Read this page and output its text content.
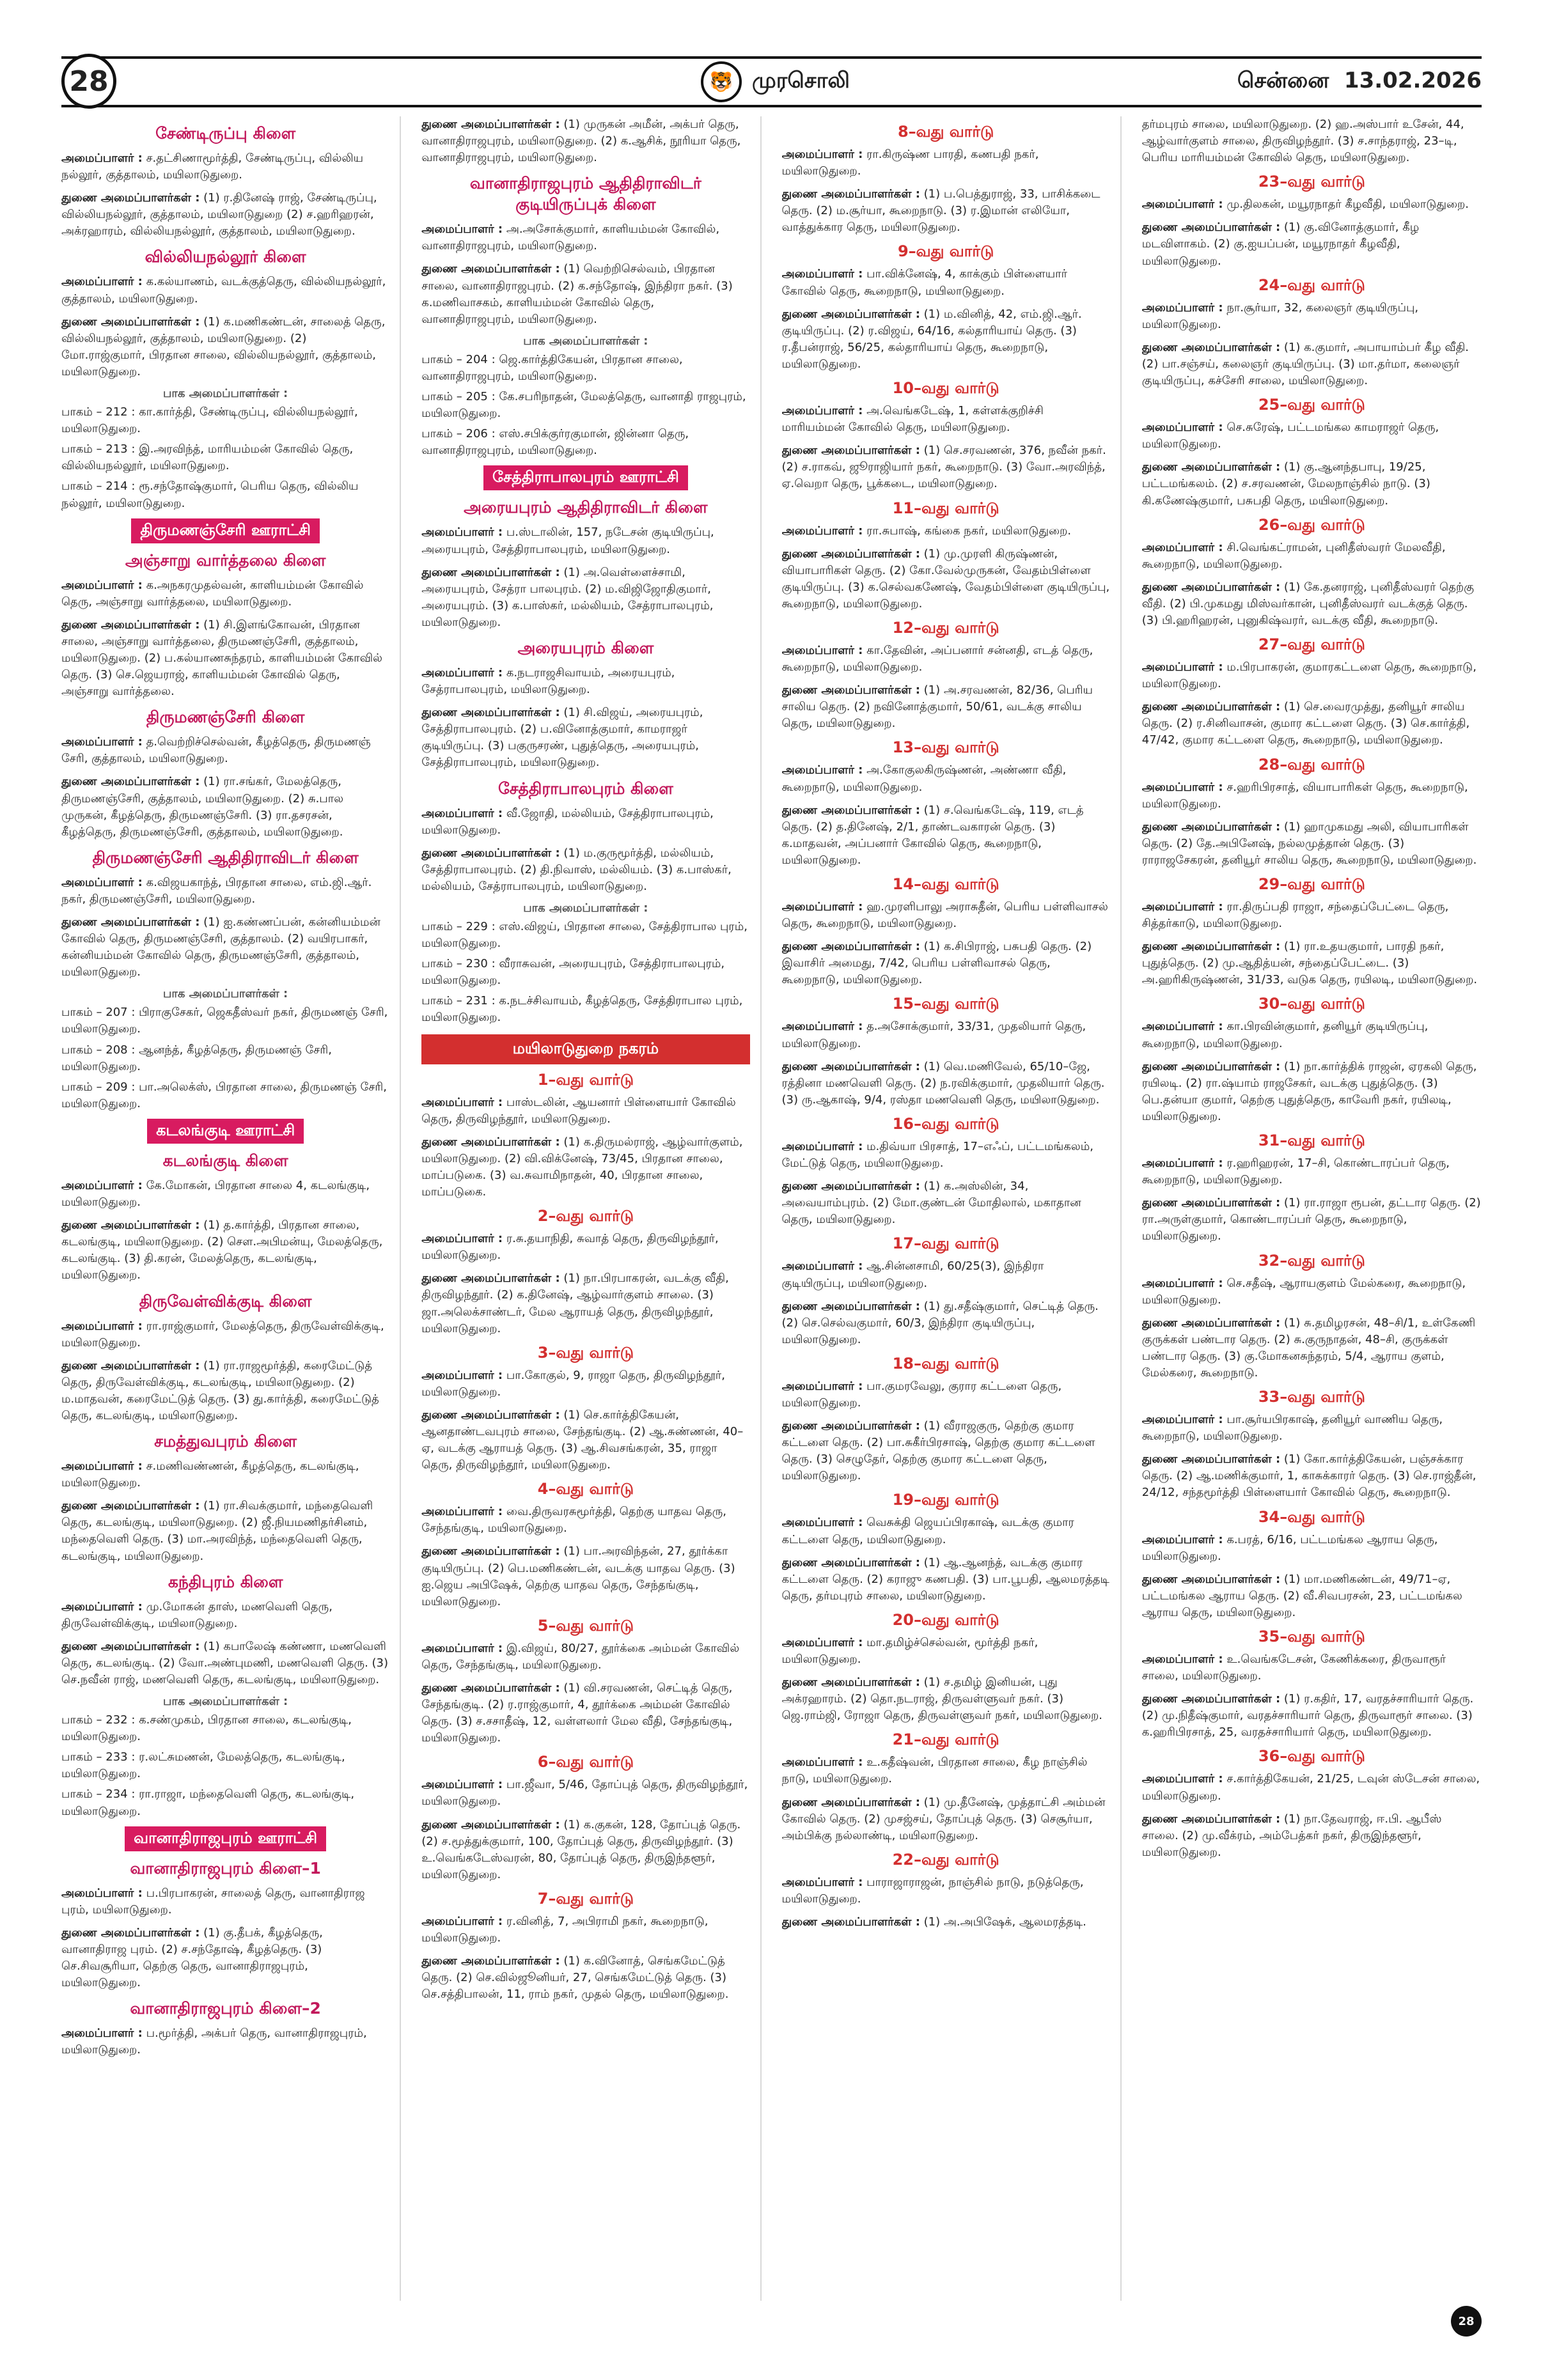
28	🐯 முரசொலி	சென்னை 13.02.2026
சேண்டிருப்பு கிளை
அமைப்பாளர் : ச.தட்சிணாமூர்த்தி, சேண்டிருப்பு, வில்லிய நல்லூர், குத்தாலம், மயிலாடுதுறை.
துணை அமைப்பாளர்கள் : (1) ர.தினேஷ் ராஜ், சேண்டிருப்பு, வில்லியநல்லூர், குத்தாலம், மயிலாடுதுறை (2) ச.ஹரிஹரன், அக்ரஹாரம், வில்லியநல்லூர், குத்தாலம், மயிலாடுதுறை.
வில்லியநல்லூர் கிளை
அமைப்பாளர் : க.கல்யாணம், வடக்குத்தெரு, வில்லியநல்லூர், குத்தாலம், மயிலாடுதுறை.
துணை அமைப்பாளர்கள் : (1) க.மணிகண்டன், சாலைத் தெரு, வில்லியநல்லூர், குத்தாலம், மயிலாடுதுறை. (2) மோ.ராஜ்குமார், பிரதான சாலை, வில்லியநல்லூர், குத்தாலம், மயிலாடுதுறை.
பாக அமைப்பாளர்கள் :
பாகம் – 212 : கா.கார்த்தி, சேண்டிருப்பு, வில்லியநல்லூர், மயிலாடுதுறை.
பாகம் – 213 : இ.அரவிந்த், மாரியம்மன் கோவில் தெரு, வில்லியநல்லூர், மயிலாடுதுறை.
பாகம் – 214 : ரூ.சந்தோஷ்குமார், பெரிய தெரு, வில்லிய நல்லூர், மயிலாடுதுறை.
திருமணஞ்சேரி ஊராட்சி
அஞ்சாறு வார்த்தலை கிளை
அமைப்பாளர் : க.அநகரமுதல்வன், காளியம்மன் கோவில் தெரு, அஞ்சாறு வார்த்தலை, மயிலாடுதுறை.
துணை அமைப்பாளர்கள் : (1) சி.இளங்கோவன், பிரதான சாலை, அஞ்சாறு வார்த்தலை, திருமணஞ்சேரி, குத்தாலம், மயிலாடுதுறை. (2) ப.கல்யாணசுந்தரம், காளியம்மன் கோவில் தெரு. (3) செ.ஜெயராஜ், காளியம்மன் கோவில் தெரு, அஞ்சாறு வார்த்தலை.
திருமணஞ்சேரி கிளை
அமைப்பாளர் : த.வெற்றிச்செல்வன், கீழத்தெரு, திருமணஞ் சேரி, குத்தாலம், மயிலாடுதுறை.
துணை அமைப்பாளர்கள் : (1) ரா.சங்கர், மேலத்தெரு, திருமணஞ்சேரி, குத்தாலம், மயிலாடுதுறை. (2) சு.பால முருகன், கீழத்தெரு, திருமணஞ்சேரி. (3) ரா.தசரசன், கீழத்தெரு, திருமணஞ்சேரி, குத்தாலம், மயிலாடுதுறை.
திருமணஞ்சேரி ஆதிதிராவிடர் கிளை
அமைப்பாளர் : க.விஜயகாந்த், பிரதான சாலை, எம்.ஜி.ஆர். நகர், திருமணஞ்சேரி, மயிலாடுதுறை.
துணை அமைப்பாளர்கள் : (1) ஐ.கண்ணப்பன், கன்னியம்மன் கோவில் தெரு, திருமணஞ்சேரி, குத்தாலம். (2) வயிரபாகர், கன்னியம்மன் கோவில் தெரு, திருமணஞ்சேரி, குத்தாலம், மயிலாடுதுறை.
பாக அமைப்பாளர்கள் :
பாகம் – 207 : பிராகுசேகர், ஜெகதீஸ்வர் நகர், திருமணஞ் சேரி, மயிலாடுதுறை.
பாகம் – 208 : ஆனந்த், கீழத்தெரு, திருமணஞ் சேரி, மயிலாடுதுறை.
பாகம் – 209 : பா.அலெக்ஸ், பிரதான சாலை, திருமணஞ் சேரி, மயிலாடுதுறை.
கடலங்குடி ஊராட்சி
கடலங்குடி கிளை
அமைப்பாளர் : கே.மோகன், பிரதான சாலை 4, கடலங்குடி, மயிலாடுதுறை.
துணை அமைப்பாளர்கள் : (1) த.கார்த்தி, பிரதான சாலை, கடலங்குடி, மயிலாடுதுறை. (2) சௌ.அபிமன்யு, மேலத்தெரு, கடலங்குடி. (3) தி.கரன், மேலத்தெரு, கடலங்குடி, மயிலாடுதுறை.
திருவேள்விக்குடி கிளை
அமைப்பாளர் : ரா.ராஜ்குமார், மேலத்தெரு, திருவேள்விக்குடி, மயிலாடுதுறை.
துணை அமைப்பாளர்கள் : (1) ரா.ராஜமூர்த்தி, கரைமேட்டுத் தெரு, திருவேள்விக்குடி, கடலங்குடி, மயிலாடுதுறை. (2) ம.மாதவன், கரைமேட்டுத் தெரு. (3) து.கார்த்தி, கரைமேட்டுத் தெரு, கடலங்குடி, மயிலாடுதுறை.
சமத்துவபுரம் கிளை
அமைப்பாளர் : ச.மணிவண்ணன், கீழத்தெரு, கடலங்குடி, மயிலாடுதுறை.
துணை அமைப்பாளர்கள் : (1) ரா.சிவக்குமார், மந்தைவெளி தெரு, கடலங்குடி, மயிலாடுதுறை. (2) ஜீ.நியமணிதர்சினம், மந்தைவெளி தெரு. (3) மா.அரவிந்த், மந்தைவெளி தெரு, கடலங்குடி, மயிலாடுதுறை.
கந்திபுரம் கிளை
அமைப்பாளர் : மு.மோகன் தாஸ், மணவெளி தெரு, திருவேள்விக்குடி, மயிலாடுதுறை.
துணை அமைப்பாளர்கள் : (1) கபாலேஷ் கண்ணா, மணவெளி தெரு, கடலங்குடி. (2) வோ.அண்புமணி, மணவெளி தெரு. (3) செ.நவீன் ராஜ், மணவெளி தெரு, கடலங்குடி, மயிலாடுதுறை.
பாக அமைப்பாளர்கள் :
பாகம் – 232 : க.சண்முகம், பிரதான சாலை, கடலங்குடி, மயிலாடுதுறை.
பாகம் – 233 : ர.லட்சுமணன், மேலத்தெரு, கடலங்குடி, மயிலாடுதுறை.
பாகம் – 234 : ரா.ராஜா, மந்தைவெளி தெரு, கடலங்குடி, மயிலாடுதுறை.
வானாதிராஜபுரம் ஊராட்சி
வானாதிராஜபுரம் கிளை–1
அமைப்பாளர் : ப.பிரபாகரன், சாலைத் தெரு, வானாதிராஜ புரம், மயிலாடுதுறை.
துணை அமைப்பாளர்கள் : (1) கு.தீபக், கீழத்தெரு, வானாதிராஜ புரம். (2) ச.சந்தோஷ், கீழத்தெரு. (3) செ.சிவசூரியா, தெற்கு தெரு, வானாதிராஜபுரம், மயிலாடுதுறை.
வானாதிராஜபுரம் கிளை–2
அமைப்பாளர் : ப.மூர்த்தி, அக்பர் தெரு, வானாதிராஜபுரம், மயிலாடுதுறை.
துணை அமைப்பாளர்கள் : (1) முருகன் அமீன், அக்பர் தெரு, வானாதிராஜபுரம், மயிலாடுதுறை. (2) க.ஆசிக், நூரியா தெரு, வானாதிராஜபுரம், மயிலாடுதுறை.
வானாதிராஜபுரம் ஆதிதிராவிடர் குடியிருப்புக் கிளை
அமைப்பாளர் : அ.அசோக்குமார், காளியம்மன் கோவில், வானாதிராஜபுரம், மயிலாடுதுறை.
துணை அமைப்பாளர்கள் : (1) வெற்றிசெல்வம், பிரதான சாலை, வானாதிராஜபுரம். (2) க.சந்தோஷ், இந்திரா நகர். (3) க.மணிவாசகம், காளியம்மன் கோவில் தெரு, வானாதிராஜபுரம், மயிலாடுதுறை.
பாக அமைப்பாளர்கள் :
பாகம் – 204 : ஜெ.கார்த்திகேயன், பிரதான சாலை, வானாதிராஜபுரம், மயிலாடுதுறை.
பாகம் – 205 : கே.சபரிநாதன், மேலத்தெரு, வானாதி ராஜபுரம், மயிலாடுதுறை.
பாகம் – 206 : எஸ்.சபிக்குர்ரகுமான், ஜின்னா தெரு, வானாதிராஜபுரம், மயிலாடுதுறை.
சேத்திராபாலபுரம் ஊராட்சி
அரையபுரம் ஆதிதிராவிடர் கிளை
அமைப்பாளர் : ப.ஸ்டாலின், 157, நடேசன் குடியிருப்பு, அரையபுரம், சேத்திராபாலபுரம், மயிலாடுதுறை.
துணை அமைப்பாளர்கள் : (1) அ.வெள்ளைச்சாமி, அரையபுரம், சேத்ரா பாலபுரம். (2) ம.விஜிஜோதிகுமார், அரையபுரம். (3) க.பாஸ்கர், மல்லியம், சேத்ராபாலபுரம், மயிலாடுதுறை.
அரையபுரம் கிளை
அமைப்பாளர் : க.நடராஜசிவாயம், அரையபுரம், சேத்ராபாலபுரம், மயிலாடுதுறை.
துணை அமைப்பாளர்கள் : (1) சி.விஜய், அரையபுரம், சேத்திராபாலபுரம். (2) ப.வினோத்குமார், காமராஜர் குடியிருப்பு. (3) பகுருசரண், புதுத்தெரு, அரையபுரம், சேத்திராபாலபுரம், மயிலாடுதுறை.
சேத்திராபாலபுரம் கிளை
அமைப்பாளர் : வீ.ஜோதி, மல்லியம், சேத்திராபாலபுரம், மயிலாடுதுறை.
துணை அமைப்பாளர்கள் : (1) ம.குருமூர்த்தி, மல்லியம், சேத்திராபாலபுரம். (2) தி.நிவாஸ், மல்லியம். (3) க.பாஸ்கர், மல்லியம், சேத்ராபாலபுரம், மயிலாடுதுறை.
பாக அமைப்பாளர்கள் :
பாகம் – 229 : எஸ்.விஜய், பிரதான சாலை, சேத்திராபால புரம், மயிலாடுதுறை.
பாகம் – 230 : வீராசுவன், அரையபுரம், சேத்திராபாலபுரம், மயிலாடுதுறை.
பாகம் – 231 : க.நடச்சிவாயம், கீழத்தெரு, சேத்திராபால புரம், மயிலாடுதுறை.
மயிலாடுதுறை நகரம்
1–வது வார்டு
அமைப்பாளர் : பாஸ்டலின், ஆயனார் பிள்ளையார் கோவில் தெரு, திருவிழந்தூர், மயிலாடுதுறை.
துணை அமைப்பாளர்கள் : (1) க.திருமல்ராஜ், ஆழ்வார்குளம், மயிலாடுதுறை. (2) வி.விக்னேஷ், 73/45, பிரதான சாலை, மாப்படுகை. (3) வ.சுவாமிநாதன், 40, பிரதான சாலை, மாப்படுகை.
2–வது வார்டு
அமைப்பாளர் : ர.சு.தயாநிதி, சுவாத் தெரு, திருவிழந்தூர், மயிலாடுதுறை.
துணை அமைப்பாளர்கள் : (1) நா.பிரபாகரன், வடக்கு வீதி, திருவிழந்தூர். (2) க.தினேஷ், ஆழ்வார்குளம் சாலை. (3) ஜா.அலெக்சாண்டர், மேல ஆராயத் தெரு, திருவிழந்தூர், மயிலாடுதுறை.
3–வது வார்டு
அமைப்பாளர் : பா.கோகுல், 9, ராஜா தெரு, திருவிழந்தூர், மயிலாடுதுறை.
துணை அமைப்பாளர்கள் : (1) செ.கார்த்திகேயன், ஆனதாண்டவபுரம் சாலை, சேந்தங்குடி. (2) ஆ.சுண்ணன், 40–ஏ, வடக்கு ஆராயத் தெரு. (3) ஆ.சிவசங்கரன், 35, ராஜா தெரு, திருவிழந்தூர், மயிலாடுதுறை.
4–வது வார்டு
அமைப்பாளர் : வை.திருவரசுமூர்த்தி, தெற்கு யாதவ தெரு, சேந்தங்குடி, மயிலாடுதுறை.
துணை அமைப்பாளர்கள் : (1) பா.அரவிந்தன், 27, தூர்க்கா குடியிருப்பு. (2) பெ.மணிகண்டன், வடக்கு யாதவ தெரு. (3) ஐ.ஜெய அபிஷேக், தெற்கு யாதவ தெரு, சேந்தங்குடி, மயிலாடுதுறை.
5–வது வார்டு
அமைப்பாளர் : இ.விஜய், 80/27, தூர்க்கை அம்மன் கோவில் தெரு, சேந்தங்குடி, மயிலாடுதுறை.
துணை அமைப்பாளர்கள் : (1) வி.சரவணன், செட்டித் தெரு, சேந்தங்குடி. (2) ர.ராஜ்குமார், 4, தூர்க்கை அம்மன் கோவில் தெரு. (3) ச.சசாதீஷ், 12, வள்ளலார் மேல வீதி, சேந்தங்குடி, மயிலாடுதுறை.
6–வது வார்டு
அமைப்பாளர் : பா.ஜீவா, 5/46, தோப்புத் தெரு, திருவிழந்தூர், மயிலாடுதுறை.
துணை அமைப்பாளர்கள் : (1) க.குகன், 128, தோப்புத் தெரு. (2) ச.மூத்துக்குமார், 100, தோப்புத் தெரு, திருவிழந்தூர். (3) உ.வெங்கடேஸ்வரன், 80, தோப்புத் தெரு, திருஇந்தளூர், மயிலாடுதுறை.
7–வது வார்டு
அமைப்பாளர் : ர.வினித், 7, அபிராமி நகர், கூறைநாடு, மயிலாடுதுறை.
துணை அமைப்பாளர்கள் : (1) க.வினோத், செங்கமேட்டுத் தெரு. (2) செ.வில்ஜூனியர், 27, செங்கமேட்டுத் தெரு. (3) செ.சத்திபாலன், 11, ராம் நகர், முதல் தெரு, மயிலாடுதுறை.
8–வது வார்டு
அமைப்பாளர் : ரா.கிருஷ்ண பாரதி, கணபதி நகர், மயிலாடுதுறை.
துணை அமைப்பாளர்கள் : (1) ப.பெத்துராஜ், 33, பாசிக்கடை தெரு. (2) ம.சூர்யா, கூறைநாடு. (3) ர.இமான் எலியோ, வாத்துக்கார தெரு, மயிலாடுதுறை.
9–வது வார்டு
அமைப்பாளர் : பா.விக்னேஷ், 4, காக்கும் பிள்ளையார் கோவில் தெரு, கூறைநாடு, மயிலாடுதுறை.
துணை அமைப்பாளர்கள் : (1) ம.வினித், 42, எம்.ஜி.ஆர். குடியிருப்பு. (2) ர.விஜய், 64/16, கல்தாரியாய் தெரு. (3) ர.தீபன்ராஜ், 56/25, கல்தாரியாய் தெரு, கூறைநாடு, மயிலாடுதுறை.
10–வது வார்டு
அமைப்பாளர் : அ.வெங்கடேஷ், 1, கள்ளக்குறிச்சி மாரியம்மன் கோவில் தெரு, மயிலாடுதுறை.
துணை அமைப்பாளர்கள் : (1) செ.சரவணன், 376, நவீன் நகர். (2) ச.ராகவ், ஜூராஜியார் நகர், கூறைநாடு. (3) வோ.அரவிந்த், ஏ.வெறா தெரு, பூக்கடை, மயிலாடுதுறை.
11–வது வார்டு
அமைப்பாளர் : ரா.சுபாஷ், கங்கை நகர், மயிலாடுதுறை.
துணை அமைப்பாளர்கள் : (1) மு.முரளி கிருஷ்ணன், வியாபாரிகள் தெரு. (2) கோ.வேல்முருகன், வேதம்பிள்ளை குடியிருப்பு. (3) க.செல்வகணேஷ், வேதம்பிள்ளை குடியிருப்பு, கூறைநாடு, மயிலாடுதுறை.
12–வது வார்டு
அமைப்பாளர் : கா.தேவின், அப்பனார் சன்னதி, எடத் தெரு, கூறைநாடு, மயிலாடுதுறை.
துணை அமைப்பாளர்கள் : (1) அ.சரவணன், 82/36, பெரிய சாலிய தெரு. (2) நவினோத்குமார், 50/61, வடக்கு சாலிய தெரு, மயிலாடுதுறை.
13–வது வார்டு
அமைப்பாளர் : அ.கோகுலகிருஷ்ணன், அண்ணா வீதி, கூறைநாடு, மயிலாடுதுறை.
துணை அமைப்பாளர்கள் : (1) ச.வெங்கடேஷ், 119, எடத் தெரு. (2) த.தினேஷ், 2/1, தாண்டவகாரன் தெரு. (3) க.மாதவன், அப்பனார் கோவில் தெரு, கூறைநாடு, மயிலாடுதுறை.
14–வது வார்டு
அமைப்பாளர் : ஹ.முரளிபாலு அராசுதீன், பெரிய பள்ளிவாசல் தெரு, கூறைநாடு, மயிலாடுதுறை.
துணை அமைப்பாளர்கள் : (1) க.சிபிராஜ், பசுபதி தெரு. (2) இவாசிர் அமைது, 7/42, பெரிய பள்ளிவாசல் தெரு, கூறைநாடு, மயிலாடுதுறை.
15–வது வார்டு
அமைப்பாளர் : த.அசோக்குமார், 33/31, முதலியார் தெரு, மயிலாடுதுறை.
துணை அமைப்பாளர்கள் : (1) வெ.மணிவேல், 65/10–ஜே, ரத்தினா மணவெளி தெரு. (2) ந.ரவிக்குமார், முதலியார் தெரு. (3) ரு.ஆகாஷ், 9/4, ரஸ்தா மணவெளி தெரு, மயிலாடுதுறை.
16–வது வார்டு
அமைப்பாளர் : ம.திவ்யா பிரசாத், 17–எஃப், பட்டமங்கலம், மேட்டுத் தெரு, மயிலாடுதுறை.
துணை அமைப்பாளர்கள் : (1) க.அஸ்லின், 34, அவையாம்புரம். (2) மோ.குண்டன் மோதிலால், மகாதான தெரு, மயிலாடுதுறை.
17–வது வார்டு
அமைப்பாளர் : ஆ.சின்னசாமி, 60/25(3), இந்திரா குடியிருப்பு, மயிலாடுதுறை.
துணை அமைப்பாளர்கள் : (1) து.சதீஷ்குமார், செட்டித் தெரு. (2) செ.செல்வகுமார், 60/3, இந்திரா குடியிருப்பு, மயிலாடுதுறை.
18–வது வார்டு
அமைப்பாளர் : பா.குமரவேலு, குரார கட்டளை தெரு, மயிலாடுதுறை.
துணை அமைப்பாளர்கள் : (1) வீராஜகுரு, தெற்கு குமார கட்டளை தெரு. (2) பா.சுகீர்பிரசாஷ், தெற்கு குமார கட்டளை தெரு. (3) செழுதேர், தெற்கு குமார கட்டளை தெரு, மயிலாடுதுறை.
19–வது வார்டு
அமைப்பாளர் : வெசுக்தி ஜெயப்பிரகாஷ், வடக்கு குமார கட்டளை தெரு, மயிலாடுதுறை.
துணை அமைப்பாளர்கள் : (1) ஆ.ஆனந்த், வடக்கு குமார கட்டளை தெரு. (2) கராஜு கணபதி. (3) பா.பூபதி, ஆலமரத்தடி தெரு, தர்மபுரம் சாலை, மயிலாடுதுறை.
20–வது வார்டு
அமைப்பாளர் : மா.தமிழ்ச்செல்வன், மூர்த்தி நகர், மயிலாடுதுறை.
துணை அமைப்பாளர்கள் : (1) ச.தமிழ் இனியன், புது அக்ரஹாரம். (2) தொ.நடராஜ், திருவள்ளுவர் நகர். (3) ஜெ.ராம்ஜி, ரோஜா தெரு, திருவள்ளுவர் நகர், மயிலாடுதுறை.
21–வது வார்டு
அமைப்பாளர் : உ.கதீஷ்வன், பிரதான சாலை, கீழ நாஞ்சில் நாடு, மயிலாடுதுறை.
துணை அமைப்பாளர்கள் : (1) மு.தீனேஷ், முத்தாட்சி அம்மன் கோவில் தெரு. (2) முசஜ்சய், தோப்புத் தெரு. (3) செசூர்யா, அம்பிக்கு நல்லாண்டி, மயிலாடுதுறை.
22–வது வார்டு
அமைப்பாளர் : பாராஜாராஜன், நாஞ்சில் நாடு, நடுத்தெரு, மயிலாடுதுறை.
துணை அமைப்பாளர்கள் : (1) அ.அபிஷேக், ஆலமரத்தடி.
தர்மபுரம் சாலை, மயிலாடுதுறை. (2) ஹ.அஸ்பார் உசேன், 44, ஆழ்வார்குளம் சாலை, திருவிழந்தூர். (3) ச.சாந்தராஜ், 23–டி, பெரிய மாரியம்மன் கோவில் தெரு, மயிலாடுதுறை.
23–வது வார்டு
அமைப்பாளர் : மு.திலகன், மயூரநாதர் கீழவீதி, மயிலாடுதுறை.
துணை அமைப்பாளர்கள் : (1) கு.வினோத்குமார், கீழ மடவிளாகம். (2) கு.ஐயப்பன், மயூரநாதர் கீழவீதி, மயிலாடுதுறை.
24–வது வார்டு
அமைப்பாளர் : நா.சூர்யா, 32, கலைஞர் குடியிருப்பு, மயிலாடுதுறை.
துணை அமைப்பாளர்கள் : (1) க.குமார், அபாயாம்பர் கீழ வீதி. (2) பா.சஞ்சய், கலைஞர் குடியிருப்பு. (3) மா.தர்மா, கலைஞர் குடியிருப்பு, கச்சேரி சாலை, மயிலாடுதுறை.
25–வது வார்டு
அமைப்பாளர் : செ.சுரேஷ், பட்டமங்கல காமராஜர் தெரு, மயிலாடுதுறை.
துணை அமைப்பாளர்கள் : (1) கு.ஆனந்தபாபு, 19/25, பட்டமங்கலம். (2) ச.சரவணன், மேலநாஞ்சில் நாடு. (3) கி.கணேஷ்குமார், பசுபதி தெரு, மயிலாடுதுறை.
26–வது வார்டு
அமைப்பாளர் : சி.வெங்கட்ராமன், புனிதீஸ்வரர் மேலவீதி, கூறைநாடு, மயிலாடுதுறை.
துணை அமைப்பாளர்கள் : (1) கே.தனராஜ், புனிதீஸ்வரர் தெற்கு வீதி. (2) பி.முகமது மிஸ்வர்கான், புனிதீஸ்வரர் வடக்குத் தெரு. (3) பி.ஹரிஹரன், புனுகிஷ்வரர், வடக்கு வீதி, கூறைநாடு.
27–வது வார்டு
அமைப்பாளர் : ம.பிரபாகரன், குமாரகட்டளை தெரு, கூறைநாடு, மயிலாடுதுறை.
துணை அமைப்பாளர்கள் : (1) செ.வைரமுத்து, தனியூர் சாலிய தெரு. (2) ர.சினிவாசன், குமார கட்டளை தெரு. (3) செ.கார்த்தி, 47/42, குமார கட்டளை தெரு, கூறைநாடு, மயிலாடுதுறை.
28–வது வார்டு
அமைப்பாளர் : ச.ஹரிபிரசாத், வியாபாரிகள் தெரு, கூறைநாடு, மயிலாடுதுறை.
துணை அமைப்பாளர்கள் : (1) ஹாமுகமது அலி, வியாபாரிகள் தெரு. (2) தே.அபினேஷ், நல்லமுத்தான் தெரு. (3) ராராஜசேகரன், தனியூர் சாலிய தெரு, கூறைநாடு, மயிலாடுதுறை.
29–வது வார்டு
அமைப்பாளர் : ரா.திருப்பதி ராஜா, சந்தைப்பேட்டை தெரு, சித்தர்காடு, மயிலாடுதுறை.
துணை அமைப்பாளர்கள் : (1) ரா.உதயகுமார், பாரதி நகர், புதுத்தெரு. (2) மு.ஆதித்யன், சந்தைப்பேட்டை. (3) அ.ஹரிகிருஷ்ணன், 31/33, வடுக தெரு, ரயிலடி, மயிலாடுதுறை.
30–வது வார்டு
அமைப்பாளர் : கா.பிரவின்குமார், தனியூர் குடியிருப்பு, கூறைநாடு, மயிலாடுதுறை.
துணை அமைப்பாளர்கள் : (1) நா.கார்த்திக் ராஜன், ஏரகலி தெரு, ரயிலடி. (2) ரா.ஷ்யாம் ராஜசேகர், வடக்கு புதுத்தெரு. (3) பெ.தன்யா குமார், தெற்கு புதுத்தெரு, காவேரி நகர், ரயிலடி, மயிலாடுதுறை.
31–வது வார்டு
அமைப்பாளர் : ர.ஹரிஹரன், 17–சி, கொண்டாரப்பர் தெரு, கூறைநாடு, மயிலாடுதுறை.
துணை அமைப்பாளர்கள் : (1) ரா.ராஜா ரூபன், தட்டார தெரு. (2) ரா.அருள்குமார், கொண்டாரப்பர் தெரு, கூறைநாடு, மயிலாடுதுறை.
32–வது வார்டு
அமைப்பாளர் : செ.சதீஷ், ஆராயகுளம் மேல்கரை, கூறைநாடு, மயிலாடுதுறை.
துணை அமைப்பாளர்கள் : (1) சு.தமிழரசன், 48–சி/1, உள்கேணி குருக்கள் பண்டார தெரு. (2) சு.குருநாதன், 48–சி, குருக்கள் பண்டார தெரு. (3) கு.மோகனசுந்தரம், 5/4, ஆராய குளம், மேல்கரை, கூறைநாடு.
33–வது வார்டு
அமைப்பாளர் : பா.சூர்யபிரகாஷ், தனியூர் வாணிய தெரு, கூறைநாடு, மயிலாடுதுறை.
துணை அமைப்பாளர்கள் : (1) கோ.கார்த்திகேயன், பஞ்சக்கார தெரு. (2) ஆ.மணிக்குமார், 1, காசுக்காரர் தெரு. (3) செ.ராஜ்தீன், 24/12, சந்தமூர்த்தி பிள்ளையார் கோவில் தெரு, கூறைநாடு.
34–வது வார்டு
அமைப்பாளர் : க.பரத், 6/16, பட்டமங்கல ஆராய தெரு, மயிலாடுதுறை.
துணை அமைப்பாளர்கள் : (1) மா.மணிகண்டன், 49/71–ஏ, பட்டமங்கல ஆராய தெரு. (2) வீ.சிவபரசன், 23, பட்டமங்கல ஆராய தெரு, மயிலாடுதுறை.
35–வது வார்டு
அமைப்பாளர் : உ.வெங்கடேசன், கேணிக்கரை, திருவாரூர் சாலை, மயிலாடுதுறை.
துணை அமைப்பாளர்கள் : (1) ர.கதிர், 17, வரதச்சாரியார் தெரு. (2) மு.நிதீஷ்குமார், வரதச்சாரியார் தெரு, திருவாரூர் சாலை. (3) க.ஹரிபிரசாத், 25, வரதச்சாரியார் தெரு, மயிலாடுதுறை.
36–வது வார்டு
அமைப்பாளர் : ச.கார்த்திகேயன், 21/25, டவுன் ஸ்டேசன் சாலை, மயிலாடுதுறை.
துணை அமைப்பாளர்கள் : (1) நா.தேவராஜ், ஈ.பி. ஆபீஸ் சாலை. (2) மு.வீக்ரம், அம்பேத்கர் நகர், திருஇந்தளூர், மயிலாடுதுறை.
28
